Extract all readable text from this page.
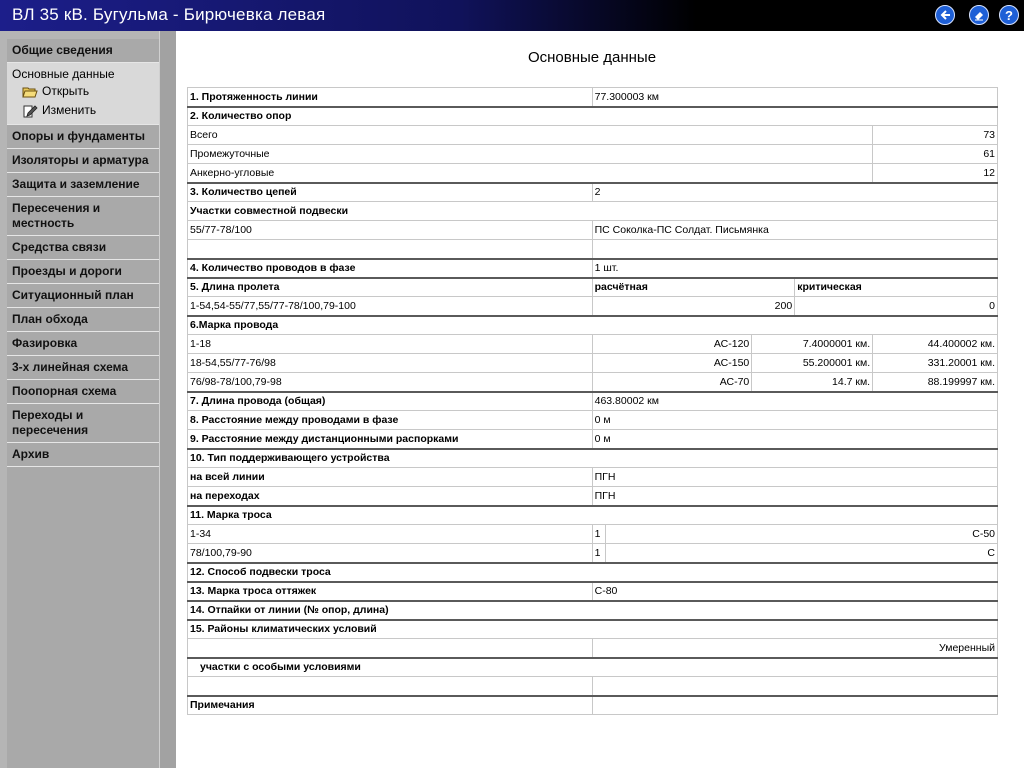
ВЛ 35 кВ. Бугульма - Бирючевка левая	?
Общие сведения
Основные данные
Открыть
Изменить
Опоры и фундаменты
Изоляторы и арматура
Защита и заземление
Пересечения и местность
Средства связи
Проезды и дороги
Ситуационный план
План обхода
Фазировка
3-х линейная схема
Поопорная схема
Переходы и пересечения
Архив
Основные данные
1. Протяженность линии	77.300003 км				
2. Количество опор					
Всего					73
Промежуточные					61
Анкерно-угловые					12
3. Количество цепей	2				
Участки совместной подвески					
55/77-78/100	ПС Соколка-ПС Солдат. Письмянка				

4. Количество проводов в фазе	1 шт.				
5. Длина пролета	расчётная			критическая	
1-54,54-55/77,55/77-78/100,79-100	200			0	
6.Марка провода					
1-18	АС-120		7.4000001 км.		44.400002 км.
18-54,55/77-76/98	АС-150		55.200001 км.		331.20001 км.
76/98-78/100,79-98	АС-70		14.7 км.		88.199997 км.
7. Длина провода (общая)	463.80002 км				
8. Расстояние между проводами в фазе	0 м				
9. Расстояние между дистанционными распорками	0 м				
10. Тип поддерживающего устройства					
на всей линии	ПГН				
на переходах	ПГН				
11. Марка троса					
1-34	1	С-50			
78/100,79-90	1	С			
12. Способ подвески троса					
13. Марка троса оттяжек	С-80				
14. Отпайки от линии (№ опор, длина)					
15. Районы климатических условий					
	Умеренный				
участки с особыми условиями					

Примечания					
